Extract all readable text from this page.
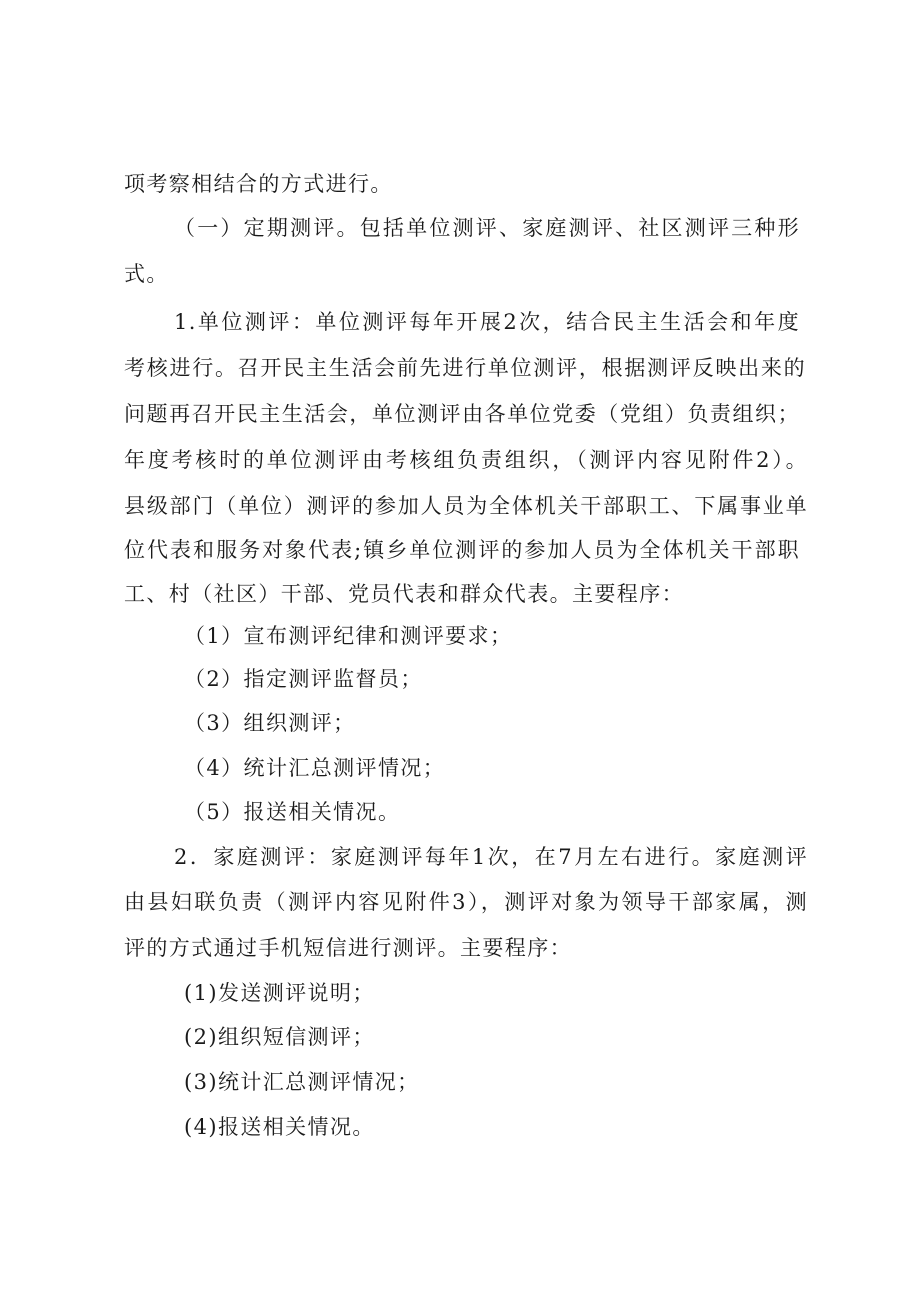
项考察相结合的方式进行。
（一）定期测评。包括单位测评、家庭测评、社区测评三种形
式。
1.单位测评：单位测评每年开展2次，结合民主生活会和年度
考核进行。召开民主生活会前先进行单位测评，根据测评反映出来的
问题再召开民主生活会，单位测评由各单位党委（党组）负责组织；
年度考核时的单位测评由考核组负责组织，（测评内容见附件2）。
县级部门（单位）测评的参加人员为全体机关干部职工、下属事业单
位代表和服务对象代表;镇乡单位测评的参加人员为全体机关干部职
工、村（社区）干部、党员代表和群众代表。主要程序：
（1）宣布测评纪律和测评要求；
（2）指定测评监督员；
（3）组织测评；
（4）统计汇总测评情况；
（5）报送相关情况。
2．家庭测评：家庭测评每年1次，在7月左右进行。家庭测评
由县妇联负责（测评内容见附件3），测评对象为领导干部家属，测
评的方式通过手机短信进行测评。主要程序：
(1)发送测评说明；
(2)组织短信测评；
(3)统计汇总测评情况；
(4)报送相关情况。
